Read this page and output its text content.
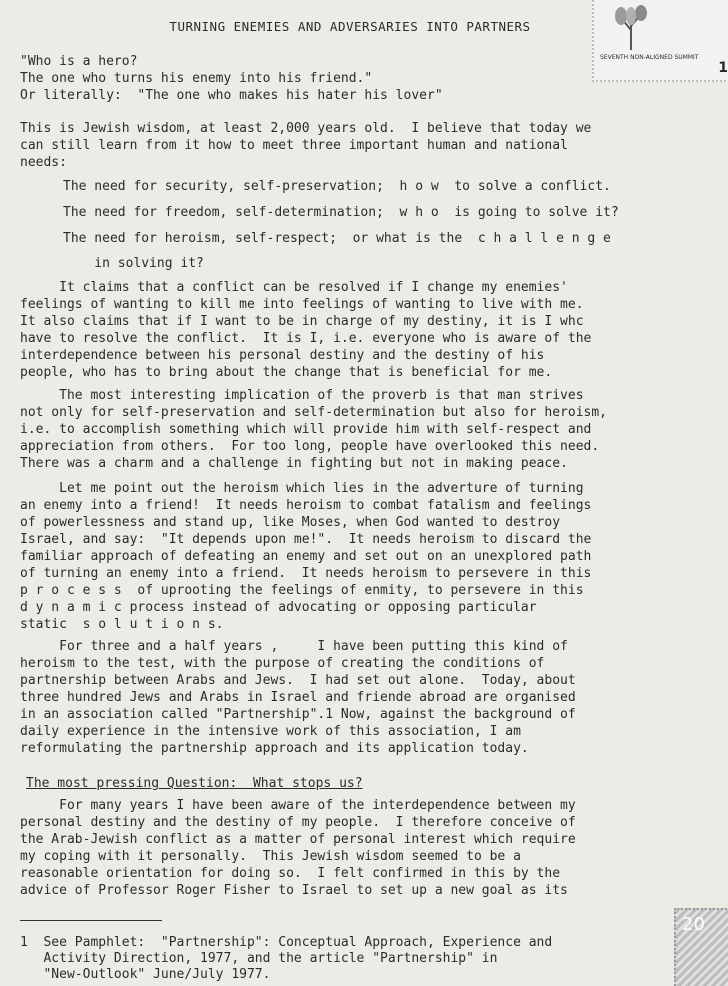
SEVENTH NON-ALIGNED SUMMIT
1
TURNING ENEMIES AND ADVERSARIES INTO PARTNERS
"Who is a hero?
The one who turns his enemy into his friend."
Or literally:  "The one who makes his hater his lover"
This is Jewish wisdom, at least 2,000 years old.  I believe that today we
can still learn from it how to meet three important human and national
needs:
The need for security, self-preservation;  h o w  to solve a conflict.
The need for freedom, self-determination;  w h o  is going to solve it?
The need for heroism, self-respect;  or what is the  c h a l l e n g e
in solving it?
It claims that a conflict can be resolved if I change my enemies'
feelings of wanting to kill me into feelings of wanting to live with me.
It also claims that if I want to be in charge of my destiny, it is I whc
have to resolve the conflict.  It is I, i.e. everyone who is aware of the
interdependence between his personal destiny and the destiny of his
people, who has to bring about the change that is beneficial for me.
The most interesting implication of the proverb is that man strives
not only for self-preservation and self-determination but also for heroism,
i.e. to accomplish something which will provide him with self-respect and
appreciation from others.  For too long, people have overlooked this need.
There was a charm and a challenge in fighting but not in making peace.
Let me point out the heroism which lies in the adverture of turning
an enemy into a friend!  It needs heroism to combat fatalism and feelings
of powerlessness and stand up, like Moses, when God wanted to destroy
Israel, and say:  "It depends upon me!".  It needs heroism to discard the
familiar approach of defeating an enemy and set out on an unexplored path
of turning an enemy into a friend.  It needs heroism to persevere in this
p r o c e s s  of uprooting the feelings of enmity, to persevere in this
d y n a m i c process instead of advocating or opposing particular
static  s o l u t i o n s.
For three and a half years ,     I have been putting this kind of
heroism to the test, with the purpose of creating the conditions of
partnership between Arabs and Jews.  I had set out alone.  Today, about
three hundred Jews and Arabs in Israel and friende abroad are organised
in an association called "Partnership".1 Now, against the background of
daily experience in the intensive work of this association, I am
reformulating the partnership approach and its application today.
The most pressing Question:  What stops us?
For many years I have been aware of the interdependence between my
personal destiny and the destiny of my people.  I therefore conceive of
the Arab-Jewish conflict as a matter of personal interest which require
my coping with it personally.  This Jewish wisdom seemed to be a
reasonable orientation for doing so.  I felt confirmed in this by the
advice of Professor Roger Fisher to Israel to set up a new goal as its
1  See Pamphlet:  "Partnership": Conceptual Approach, Experience and
Activity Direction, 1977, and the article "Partnership" in
"New-Outlook" June/July 1977.
20
